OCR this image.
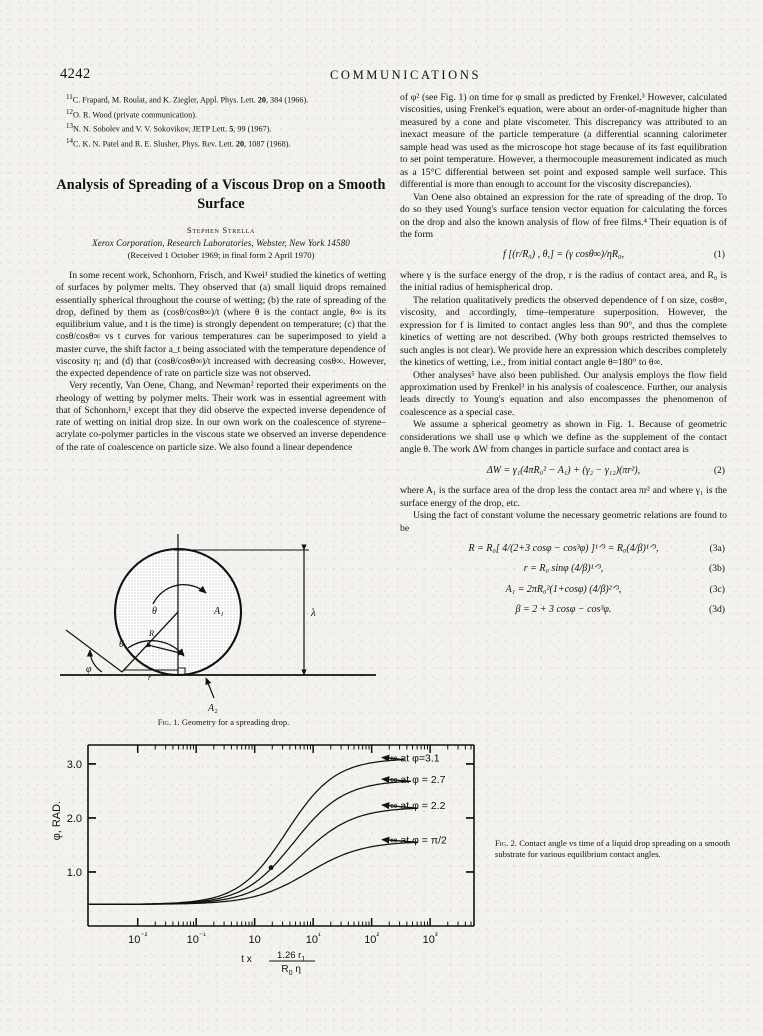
4242	COMMUNICATIONS

$^{11}$C. Frapard, M. Roulat, and K. Ziegler, Appl. Phys. Lett. 20, 384 (1966).

$^{12}$O. R. Wood (private communication).

$^{13}$N. N. Sobolev and V. V. Sokovikov, JETP Lett. 5, 99 (1967).

$^{14}$C. K. N. Patel and R. E. Slusher, Phys. Rev. Lett. 20, 1087 (1968).

Analysis of Spreading of a Viscous Drop on a Smooth Surface
Stephen Strella
Xerox Corporation, Research Laboratories, Webster, New York 14580
(Received 1 October 1969; in final form 2 April 1970)

In some recent work, Schonhorn, Frisch, and Kwei¹ studied the kinetics of wetting of surfaces by polymer melts. They observed that (a) small liquid drops remained essentially spherical throughout the course of wetting; (b) the rate of spreading of the drop, defined by them as (cosθ/cosθ∞)/t (where θ is the contact angle, θ∞ is its equilibrium value, and t is the time) is strongly dependent on temperature; (c) that the cosθ/cosθ∞ vs t curves for various temperatures can be superimposed to yield a master curve, the shift factor a_t being associated with the temperature dependence of viscosity η; and (d) that (cosθ/cosθ∞)/t increased with decreasing cosθ∞. However, the expected dependence of rate on particle size was not observed.

Very recently, Van Oene, Chang, and Newman² reported their experiments on the rheology of wetting by polymer melts. Their work was in essential agreement with that of Schonhorn,¹ except that they did observe the expected inverse dependence of rate of wetting on initial drop size. In our own work on the coalescence of styrene–acrylate co-polymer particles in the viscous state we observed an inverse dependence of the rate of coalescence on particle size. We also found a linear dependence

of φ² (see Fig. 1) on time for φ small as predicted by Frenkel.³ However, calculated viscosities, using Frenkel's equation, were about an order-of-magnitude higher than measured by a cone and plate viscometer. This discrepancy was attributed to an inexact measure of the particle temperature (a differential scanning calorimeter sample head was used as the microscope hot stage because of its fast equilibration to set point temperature. However, a thermocouple measurement indicated as much as a 15°C differential between set point and exposed sample well surface. This differential is more than enough to account for the viscosity discrepancies).

Van Oene also obtained an expression for the rate of spreading of the drop. To do so they used Young's surface tension vector equation for calculating the forces on the drop and also the known analysis of flow of free films.⁴ Their equation is of the form

f [(r/R₀) , θ,] = (γ cosθ∞)/ηR₀,	(1)

where γ is the surface energy of the drop, r is the radius of contact area, and R₀ is the initial radius of hemispherical drop.

The relation qualitatively predicts the observed dependence of f on size, cosθ∞, viscosity, and accordingly, time–temperature superposition. However, the expression for f is limited to contact angles less than 90°, and thus the complete kinetics of wetting are not described. (Why both groups restricted themselves to such angles is not clear). We provide here an expression which describes completely the kinetics of wetting, i.e., from initial contact angle θ=180° to θ∞.

Other analyses⁵ have also been published. Our analysis employs the flow field approximation used by Frenkel³ in his analysis of coalescence. Further, our analysis leads directly to Young's equation and also encompasses the phenomenon of coalescence as a special case.

We assume a spherical geometry as shown in Fig. 1. Because of geometric considerations we shall use φ which we define as the supplement of the contact angle θ. The work ΔW from changes in particle surface and contact area is

ΔW = γ₁(4πR₀² − A₁) + (γ₂ − γ₁₂)(πr²),	(2)

where A₁ is the surface area of the drop less the contact area πr² and where γ₁ is the surface energy of the drop, etc.

Using the fact of constant volume the necessary geometric relations are found to be

R = R₀[ 4/(2+3 cosφ − cos³φ) ]¹ᐟ³ = R₀(4/β)¹ᐟ³,	(3a)
r = R₀ sinφ (4/β)¹ᐟ³,	(3b)
A₁ = 2πR₀²(1+cosφ) (4/β)²ᐟ³,	(3c)
β = 2 + 3 cosφ − cos³φ.	(3d)
λ
r
R
θ
θ
φ
A₁
A₂
Fig. 1. Geometry for a spreading drop.
1.0
2.0
3.0
$10^{^{-2}}$	$10^{^{-1}}$	10	$10^{^1}$	$10^{^2}$	$10^{^3}$
φ, RAD.
t x	1.26 $r_1$
$R_0$ η
∞ at φ=3.1
∞ at φ = 2.7
∞ at φ = 2.2
∞ at φ = π/2	Fig. 2. Contact angle vs time of a liquid drop spreading on a smooth substrate for various equilibrium contact angles.
